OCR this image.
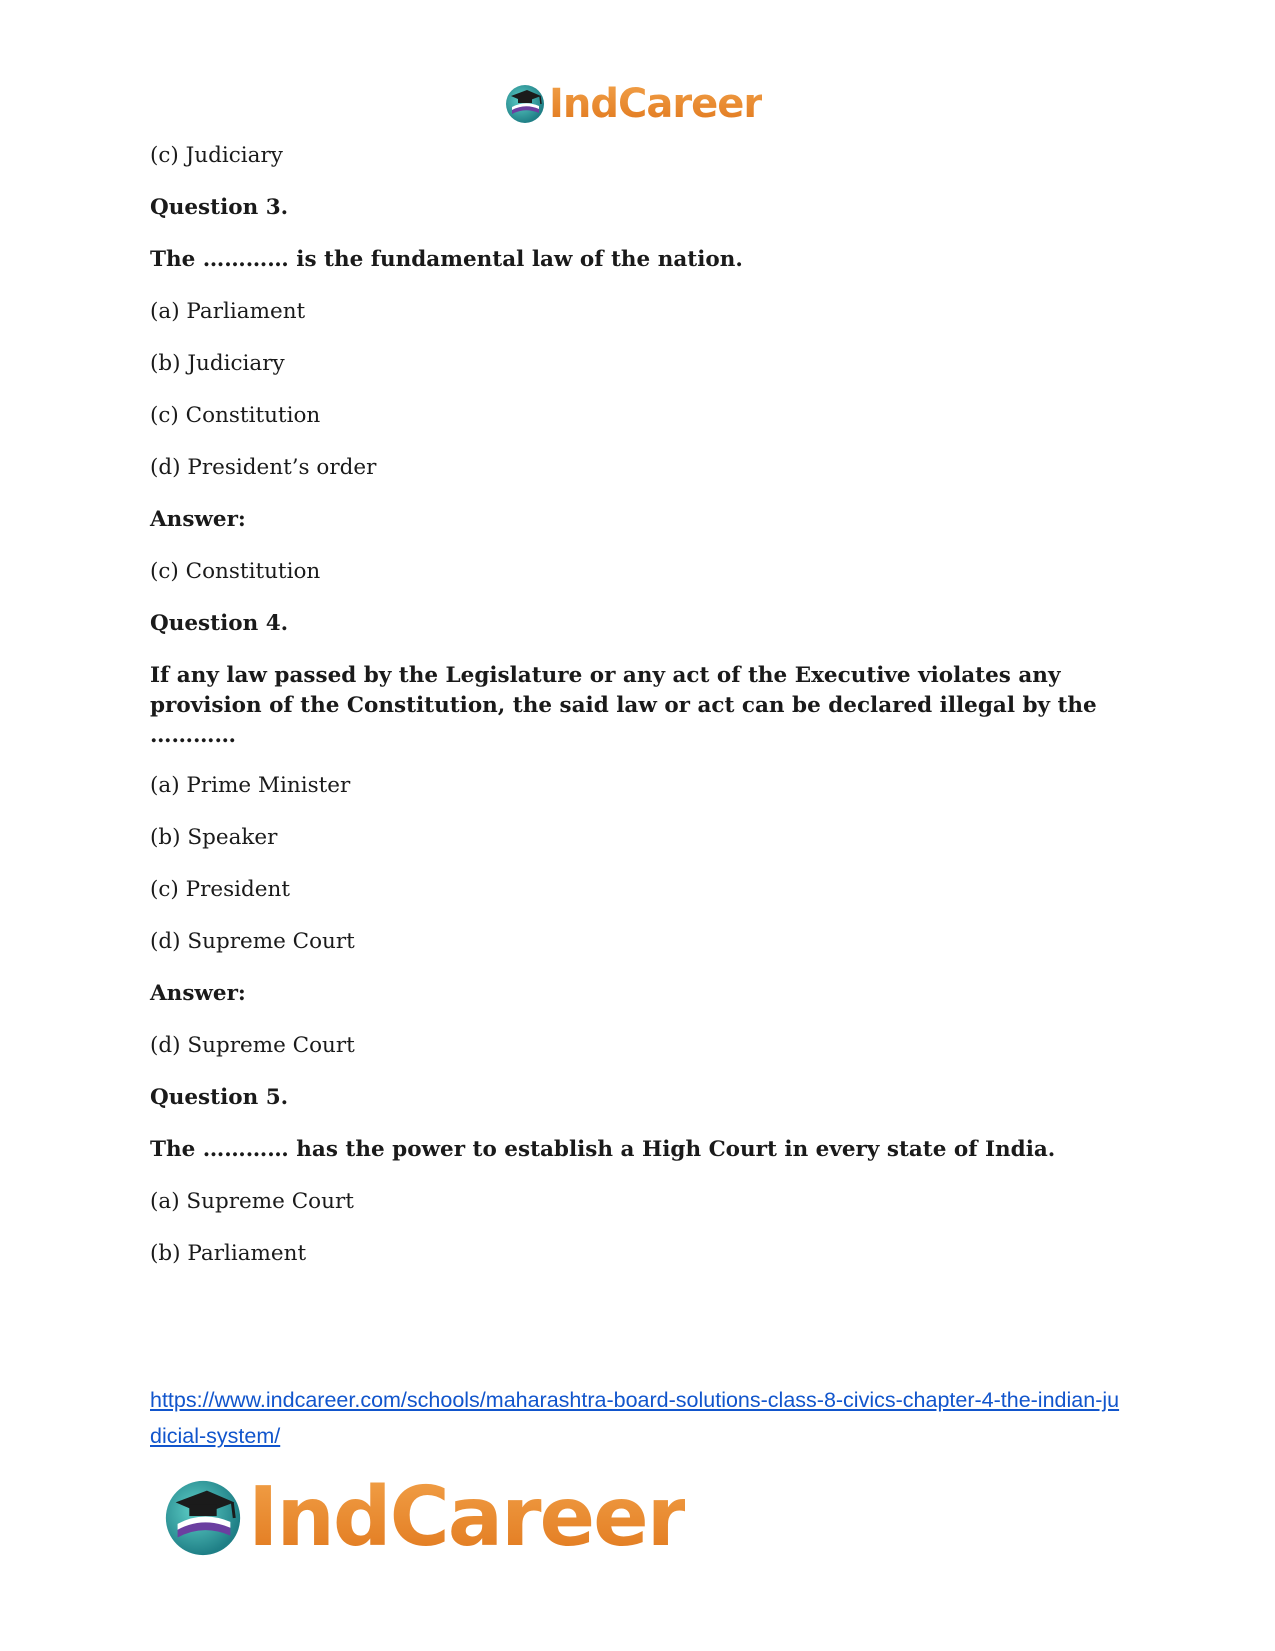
IndCareer
(c) Judiciary
Question 3.
The ………… is the fundamental law of the nation.
(a) Parliament
(b) Judiciary
(c) Constitution
(d) President’s order
Answer:
(c) Constitution
Question 4.
If any law passed by the Legislature or any act of the Executive violates any provision of the Constitution, the said law or act can be declared illegal by the …………
(a) Prime Minister
(b) Speaker
(c) President
(d) Supreme Court
Answer:
(d) Supreme Court
Question 5.
The ………… has the power to establish a High Court in every state of India.
(a) Supreme Court
(b) Parliament
https://www.indcareer.com/schools/maharashtra-board-solutions-class-8-civics-chapter-4-the-indian-judicial-system/
IndCareer
